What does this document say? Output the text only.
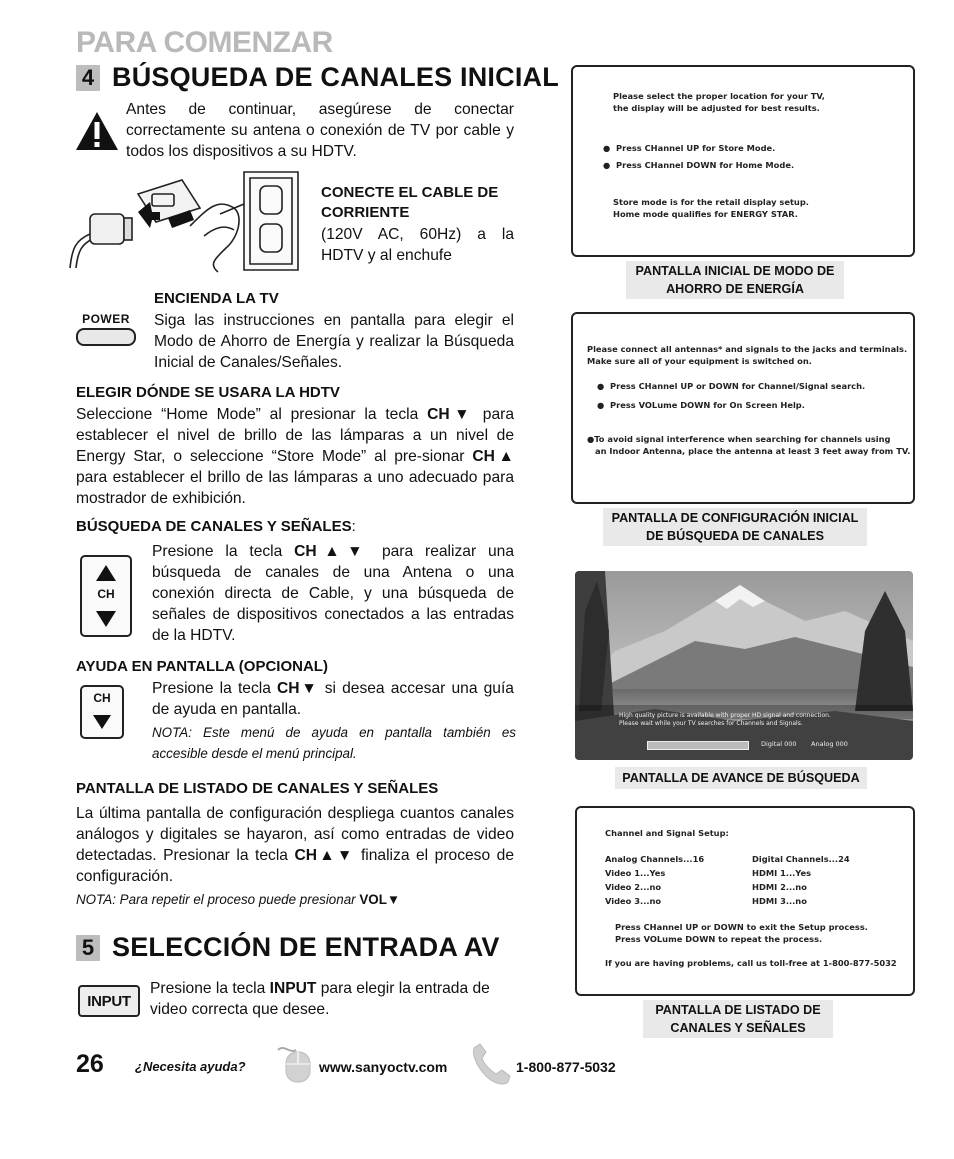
PARA COMENZAR
4 BÚSQUEDA DE CANALES INICIAL

Antes de continuar, asegúrese de conectar correctamente su antena o conexión de TV por cable y todos los dispositivos a su HDTV.

CONECTE EL CABLE DE CORRIENTE

(120V AC, 60Hz) a la HDTV y al enchufe

POWER
ENCIENDA LA TV

Siga las instrucciones en pantalla para elegir el Modo de Ahorro de Energía y realizar la Búsqueda Inicial de Canales/Señales.

ELEGIR DÓNDE SE USARA LA HDTV

Seleccione “Home Mode” al presionar la tecla CH▼ para establecer el nivel de brillo de las lámparas a un nivel de Energy Star, o seleccione “Store Mode” al pre-sionar CH▲ para establecer el brillo de las lámparas a uno adecuado para mostrador de exhibición.

BÚSQUEDA DE CANALES Y SEÑALES:
CH

Presione la tecla CH▲▼ para realizar una búsqueda de canales de una Antena o una conexión directa de Cable, y una búsqueda de señales de dispositivos conectados a las entradas de la HDTV.

AYUDA EN PANTALLA (OPCIONAL)
CH

Presione la tecla CH▼ si desea accesar una guía de ayuda en pantalla.

NOTA: Este menú de ayuda en pantalla también es accesible desde el menú principal.
PANTALLA DE LISTADO DE CANALES Y SEÑALES

La última pantalla de configuración despliega cuantos canales análogos y digitales se hayaron, así como entradas de video detectadas. Presionar la tecla CH▲▼ finaliza el proceso de configuración.

NOTA: Para repetir el proceso puede presionar VOL▼
5 SELECCIÓN DE ENTRADA AV
INPUT

Presione la tecla INPUT para elegir la entrada de video correcta que desee.

Please select the proper location for your TV,
the display will be adjusted for best results.
●  Press CHannel UP for Store Mode.
●  Press CHannel DOWN for Home Mode.
Store mode is for the retail display setup.
Home mode qualifies for ENERGY STAR.
PANTALLA INICIAL DE MODO DE
AHORRO DE ENERGÍA
Please connect all antennas* and signals to the jacks and terminals.
Make sure all of your equipment is switched on.
●  Press CHannel UP or DOWN for Channel/Signal search.
●  Press VOLume DOWN for On Screen Help.
●To avoid signal interference when searching for channels using
an Indoor Antenna, place the antenna at least 3 feet away from TV.
PANTALLA DE CONFIGURACIÓN INICIAL
DE BÚSQUEDA DE CANALES
High quality picture is available with proper HD signal and connection.
Please wait while your TV searches for Channels and Signals.
Digital 000 Analog 000
PANTALLA DE AVANCE DE BÚSQUEDA
Channel and Signal Setup:
Analog Channels...16
Video 1...Yes
Video 2...no
Video 3...no
Digital Channels...24
HDMI 1...Yes
HDMI 2...no
HDMI 3...no
Press CHannel UP or DOWN to exit the Setup process.
Press VOLume DOWN to repeat the process.
If you are having problems, call us toll-free at 1-800-877-5032
PANTALLA DE LISTADO DE
CANALES Y SEÑALES
26 ¿Necesita ayuda?	www.sanyoctv.com	1-800-877-5032
